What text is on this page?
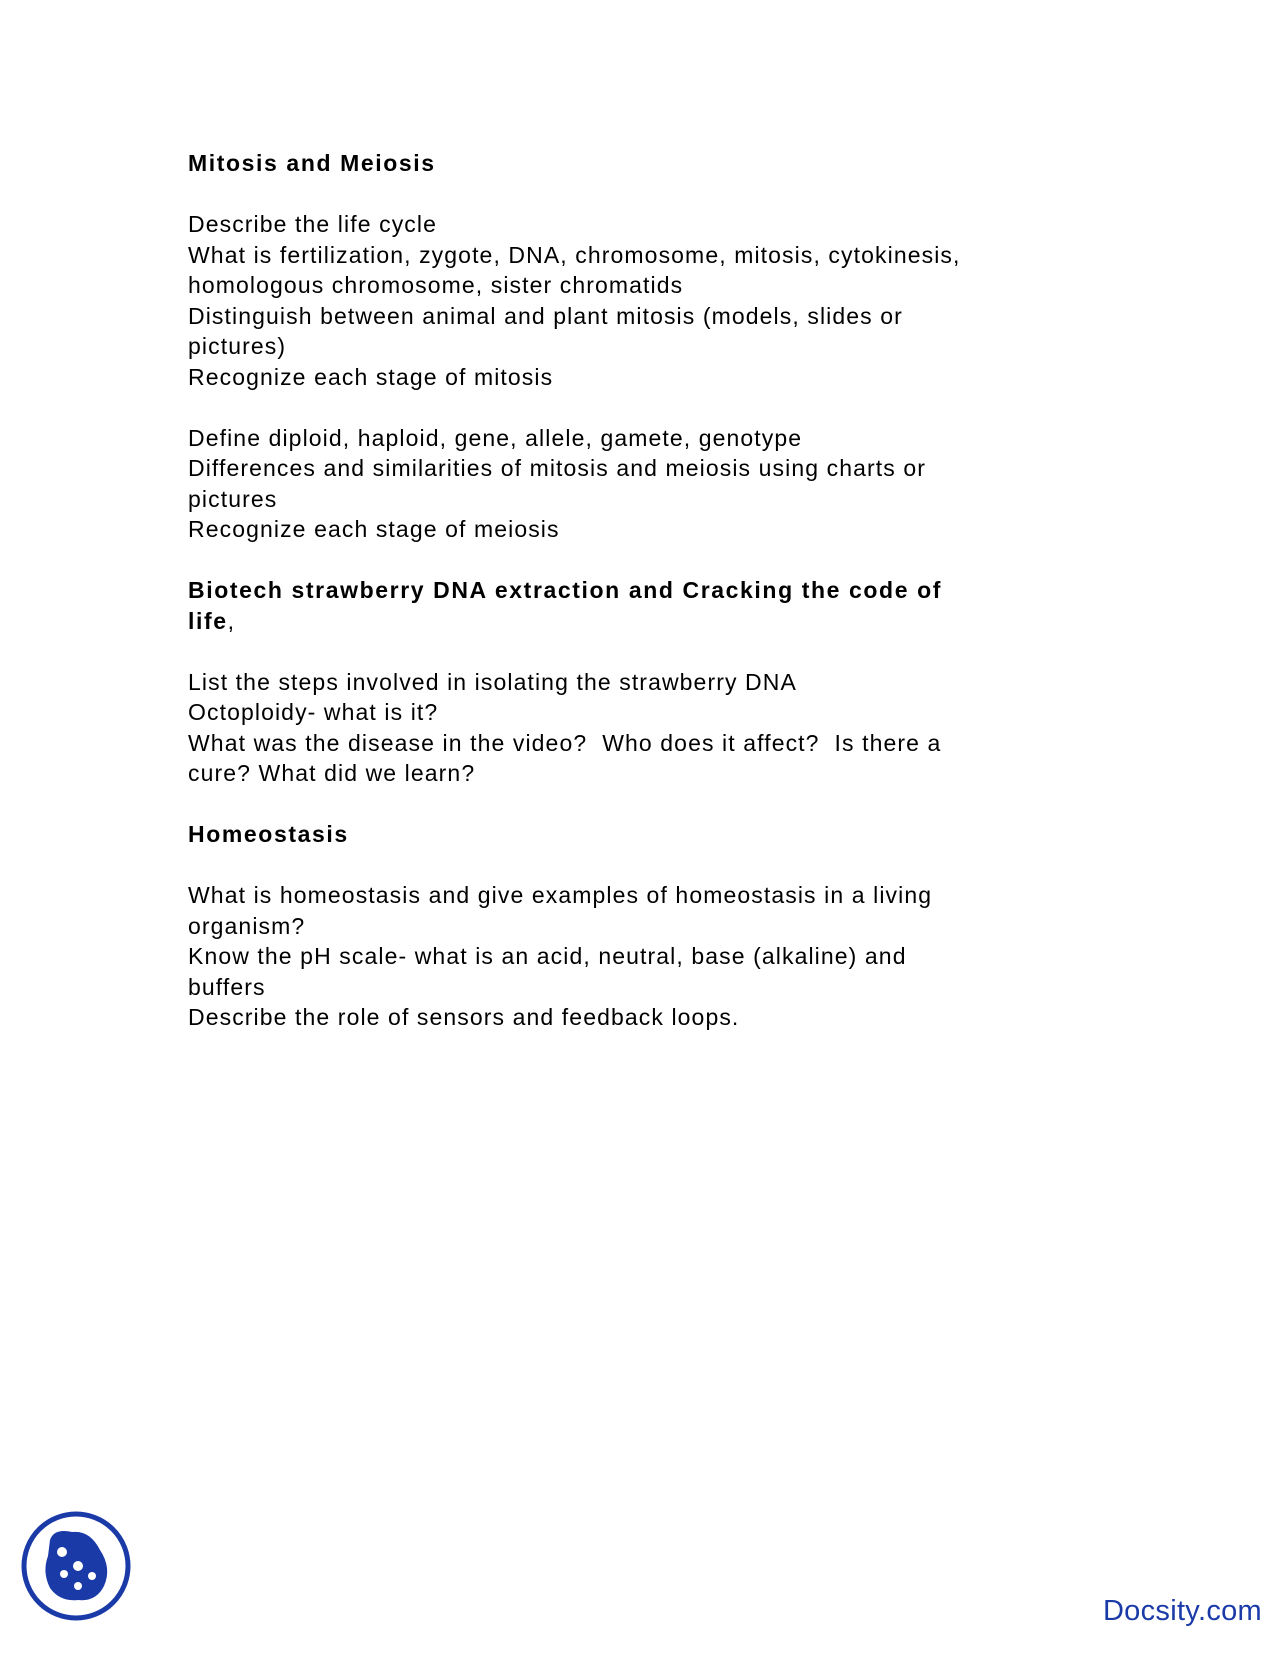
Mitosis and Meiosis
Describe the life cycle
What is fertilization, zygote, DNA, chromosome, mitosis, cytokinesis,
homologous chromosome, sister chromatids
Distinguish between animal and plant mitosis (models, slides or
pictures)
Recognize each stage of mitosis
Define diploid, haploid, gene, allele, gamete, genotype
Differences and similarities of mitosis and meiosis using charts or
pictures
Recognize each stage of meiosis
Biotech strawberry DNA extraction and Cracking the code of
life,
List the steps involved in isolating the strawberry DNA
Octoploidy- what is it?
What was the disease in the video?  Who does it affect?  Is there a
cure? What did we learn?
Homeostasis
What is homeostasis and give examples of homeostasis in a living
organism?
Know the pH scale- what is an acid, neutral, base (alkaline) and
buffers
Describe the role of sensors and feedback loops.
Docsity.com
